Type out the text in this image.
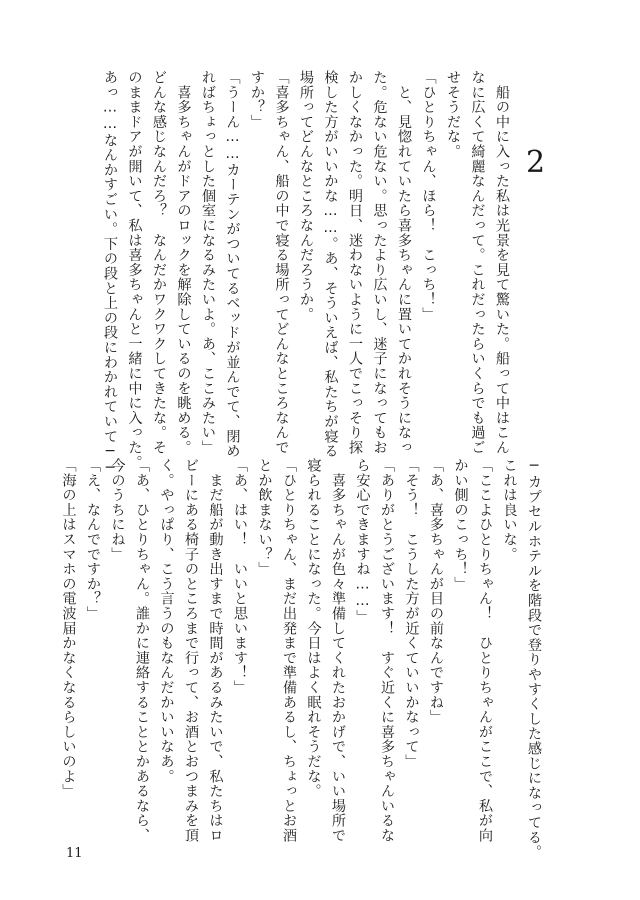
2
　船の中に入った私は光景を見て驚いた。船って中はこん
なに広くて綺麗なんだって。これだったらいくらでも過ご
せそうだな。
「ひとりちゃん、ほら！　こっち！」
　と、見惚れていたら喜多ちゃんに置いてかれそうになっ
た。危ない危ない。思ったより広いし、迷子になってもお
かしくなかった。明日、迷わないように一人でこっそり探
検した方がいいかな……。あ、そういえば、私たちが寝る
場所ってどんなところなんだろうか。
「喜多ちゃん、船の中で寝る場所ってどんなところなんで
すか？」
「うーん……カーテンがついてるベッドが並んでて、閉め
ればちょっとした個室になるみたいよ。あ、ここみたい」
　喜多ちゃんがドアのロックを解除しているのを眺める。
どんな感じなんだろ？　なんだかワクワクしてきたな。そ
のままドアが開いて、私は喜多ちゃんと一緒に中に入った。
あっ……なんかすごい。下の段と上の段にわかれていて──
─カプセルホテルを階段で登りやすくした感じになってる。
これは良いな。
「ここよひとりちゃん！　ひとりちゃんがここで、私が向
かい側のこっち！」
「あ、喜多ちゃんが目の前なんですね」
「そう！　こうした方が近くていいかなって」
「ありがとうございます！　すぐ近くに喜多ちゃんいるな
ら安心できますね……」
　喜多ちゃんが色々準備してくれたおかげで、いい場所で
寝られることになった。今日はよく眠れそうだな。
「ひとりちゃん、まだ出発まで準備あるし、ちょっとお酒
とか飲まない？」
「あ、はい！　いいと思います！」
　まだ船が動き出すまで時間があるみたいで、私たちはロ
ビーにある椅子のところまで行って、お酒とおつまみを頂
く。やっぱり、こう言うのもなんだかいいなあ。
「あ、ひとりちゃん。誰かに連絡することとかあるなら、
今のうちにね」
「え、なんでですか？」
「海の上はスマホの電波届かなくなるらしいのよ」
11
